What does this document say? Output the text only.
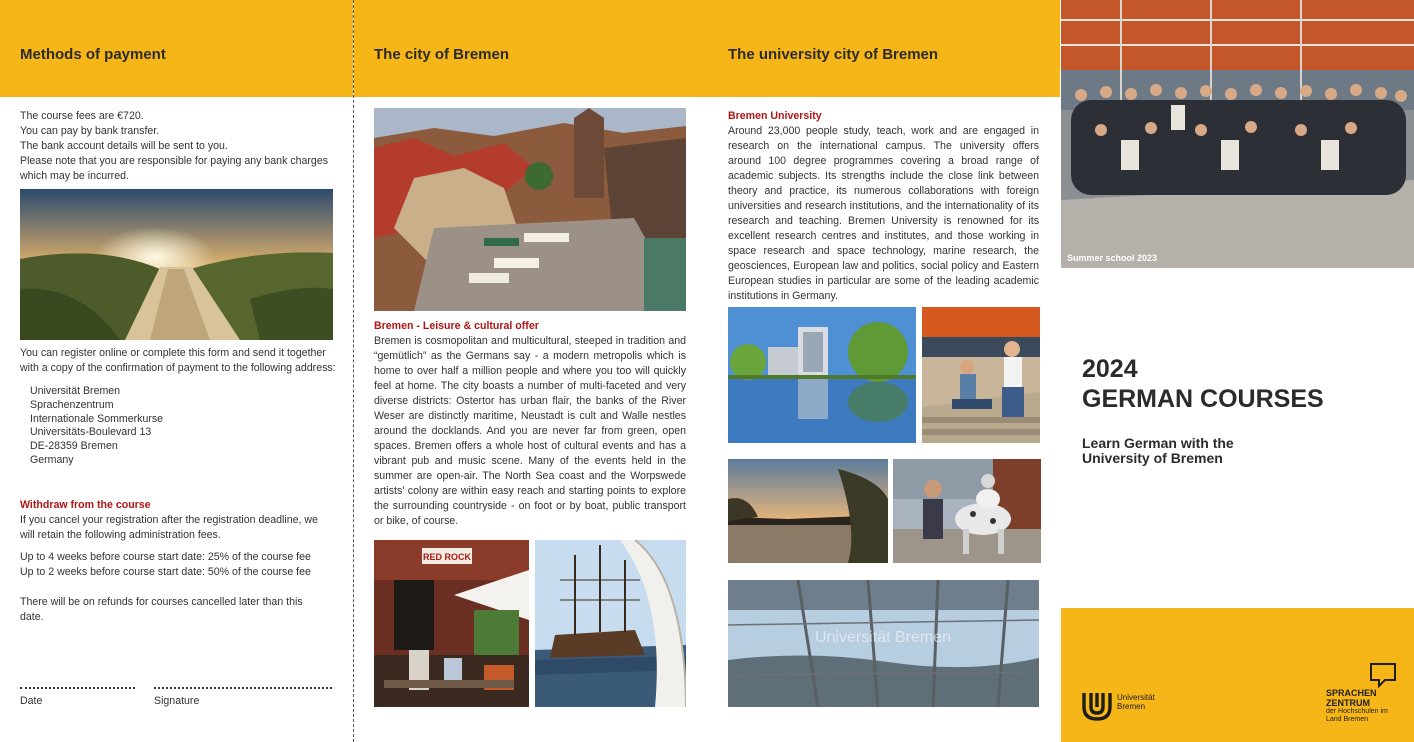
Methods of payment	The city of Bremen	The university city of Bremen
The course fees are €720.
You can pay by bank transfer.
The bank account details will be sent to you.
Please note that you are responsible for paying any bank charges
which may be incurred.
You can register online or complete this form and send it together
with a copy of the confirmation of payment to the following address:
Universität Bremen
Sprachenzentrum
Internationale Sommerkurse
Universitäts-Boulevard 13
DE-28359 Bremen
Germany
Withdraw from the course
If you cancel your registration after the registration deadline, we
will retain the following administration fees.
Up to 4 weeks before course start date: 25% of the course fee
Up to 2 weeks before course start date: 50% of the course fee
There will be on refunds for courses cancelled later than this
date.
Date	Signature
Bremen - Leisure & cultural offer
Bremen is cosmopolitan and multicultural, steeped in tradition and “gemütlich” as the Germans say - a modern metropolis which is home to over half a million people and where you too will quickly feel at home. The city boasts a number of multi-faceted and very diverse districts: Ostertor has urban flair, the banks of the River Weser are distinctly maritime, Neustadt is cult and Walle nestles around the docklands. And you are never far from green, open spaces. Bremen offers a whole host of cultural events and has a vibrant pub and music scene. Many of the events held in the summer are open-air. The North Sea coast and the Worpswede artists’ colony are within easy reach and starting points to explore the surrounding countryside - on foot or by boat, public transport or bike, of course.
RED ROCK
Bremen University
Around 23,000 people study, teach, work and are engaged in research on the international campus. The university offers around 100 degree programmes covering a broad range of academic subjects. Its strengths include the close link between theory and practice, its numerous collaborations with foreign universities and research institutions, and the internationality of its research and teaching. Bremen University is renowned for its excellent research centres and institutes, and those working in space research and space technology, marine research, the geosciences, European law and politics, social policy and Eastern European studies in particular are some of the leading academic institutions in Germany.
Universität Bremen
Summer school 2023
2024
GERMAN COURSES
Learn German with the
University of Bremen
Universität
Bremen
SPRACHEN
ZENTRUM
der Hochschulen im
Land Bremen
